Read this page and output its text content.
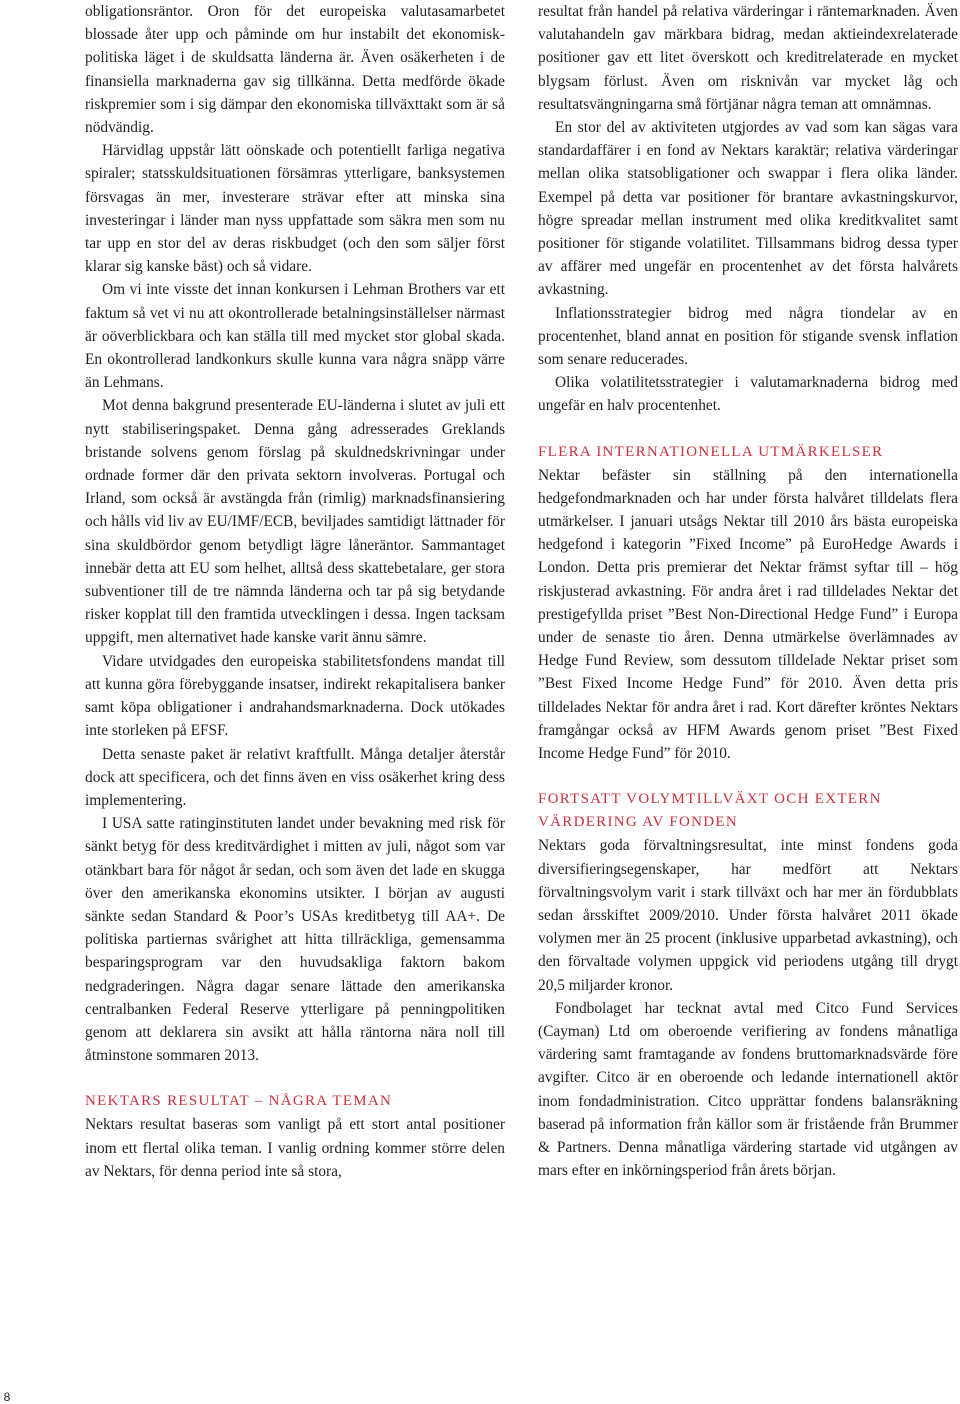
obligationsräntor. Oron för det europeiska valutasamarbetet blossade åter upp och påminde om hur instabilt det ekonomisk-politiska läget i de skuldsatta länderna är. Även osäkerheten i de finansiella marknaderna gav sig tillkänna. Detta medförde ökade riskpremier som i sig dämpar den ekonomiska tillväxttakt som är så nödvändig.

Härvidlag uppstår lätt oönskade och potentiellt farliga negativa spiraler; statsskuldsituationen försämras ytterligare, banksystemen försvagas än mer, investerare strävar efter att minska sina investeringar i länder man nyss uppfattade som säkra men som nu tar upp en stor del av deras riskbudget (och den som säljer först klarar sig kanske bäst) och så vidare.

Om vi inte visste det innan konkursen i Lehman Brothers var ett faktum så vet vi nu att okontrollerade betalningsinställelser närmast är oöverblickbara och kan ställa till med mycket stor global skada. En okontrollerad landkonkurs skulle kunna vara några snäpp värre än Lehmans.

Mot denna bakgrund presenterade EU-länderna i slutet av juli ett nytt stabiliseringspaket. Denna gång adresserades Greklands bristande solvens genom förslag på skuldnedskrivningar under ordnade former där den privata sektorn involveras. Portugal och Irland, som också är avstängda från (rimlig) marknadsfinansiering och hålls vid liv av EU/IMF/ECB, beviljades samtidigt lättnader för sina skuldbördor genom betydligt lägre låneräntor. Sammantaget innebär detta att EU som helhet, alltså dess skattebetalare, ger stora subventioner till de tre nämnda länderna och tar på sig betydande risker kopplat till den framtida utvecklingen i dessa. Ingen tacksam uppgift, men alternativet hade kanske varit ännu sämre.

Vidare utvidgades den europeiska stabilitetsfondens mandat till att kunna göra förebyggande insatser, indirekt rekapitalisera banker samt köpa obligationer i andrahandsmarknaderna. Dock utökades inte storleken på EFSF.

Detta senaste paket är relativt kraftfullt. Många detaljer återstår dock att specificera, och det finns även en viss osäkerhet kring dess implementering.

I USA satte ratinginstituten landet under bevakning med risk för sänkt betyg för dess kreditvärdighet i mitten av juli, något som var otänkbart bara för något år sedan, och som även det lade en skugga över den amerikanska ekonomins utsikter. I början av augusti sänkte sedan Standard & Poor’s USAs kreditbetyg till AA+. De politiska partiernas svårighet att hitta tillräckliga, gemensamma besparingsprogram var den huvudsakliga faktorn bakom nedgraderingen. Några dagar senare lättade den amerikanska centralbanken Federal Reserve ytterligare på penningpolitiken genom att deklarera sin avsikt att hålla räntorna nära noll till åtminstone sommaren 2013.

NEKTARS RESULTAT – NÅGRA TEMAN

Nektars resultat baseras som vanligt på ett stort antal positioner inom ett flertal olika teman. I vanlig ordning kommer större delen av Nektars, för denna period inte så stora,

resultat från handel på relativa värderingar i räntemarknaden. Även valutahandeln gav märkbara bidrag, medan aktieindexrelaterade positioner gav ett litet överskott och kreditrelaterade en mycket blygsam förlust. Även om risknivån var mycket låg och resultatsvängningarna små förtjänar några teman att omnämnas.

En stor del av aktiviteten utgjordes av vad som kan sägas vara standardaffärer i en fond av Nektars karaktär; relativa värderingar mellan olika statsobligationer och swappar i flera olika länder. Exempel på detta var positioner för brantare avkastningskurvor, högre spreadar mellan instrument med olika kreditkvalitet samt positioner för stigande volatilitet. Tillsammans bidrog dessa typer av affärer med ungefär en procentenhet av det första halvårets avkastning.

Inflationsstrategier bidrog med några tiondelar av en procentenhet, bland annat en position för stigande svensk inflation som senare reducerades.

Olika volatilitetsstrategier i valutamarknaderna bidrog med ungefär en halv procentenhet.

FLERA INTERNATIONELLA UTMÄRKELSER

Nektar befäster sin ställning på den internationella hedgefondmarknaden och har under första halvåret tilldelats flera utmärkelser. I januari utsågs Nektar till 2010 års bästa europeiska hedgefond i kategorin ”Fixed Income” på EuroHedge Awards i London. Detta pris premierar det Nektar främst syftar till – hög riskjusterad avkastning. För andra året i rad tilldelades Nektar det prestigefyllda priset ”Best Non-Directional Hedge Fund” i Europa under de senaste tio åren. Denna utmärkelse överlämnades av Hedge Fund Review, som dessutom tilldelade Nektar priset som ”Best Fixed Income Hedge Fund” för 2010. Även detta pris tilldelades Nektar för andra året i rad. Kort därefter kröntes Nektars framgångar också av HFM Awards genom priset ”Best Fixed Income Hedge Fund” för 2010.

FORTSATT VOLYMTILLVÄXT OCH EXTERN
VÄRDERING AV FONDEN

Nektars goda förvaltningsresultat, inte minst fondens goda diversifieringsegenskaper, har medfört att Nektars förvaltningsvolym varit i stark tillväxt och har mer än fördubblats sedan årsskiftet 2009/2010. Under första halvåret 2011 ökade volymen mer än 25 procent (inklusive upparbetad avkastning), och den förvaltade volymen uppgick vid periodens utgång till drygt 20,5 miljarder kronor.

Fondbolaget har tecknat avtal med Citco Fund Services (Cayman) Ltd om oberoende verifiering av fondens månatliga värdering samt framtagande av fondens bruttomarknadsvärde före avgifter. Citco är en oberoende och ledande internationell aktör inom fondadministration. Citco upprättar fondens balansräkning baserad på information från källor som är fristående från Brummer & Partners. Denna månatliga värdering startade vid utgången av mars efter en inkörningsperiod från årets början.

8
